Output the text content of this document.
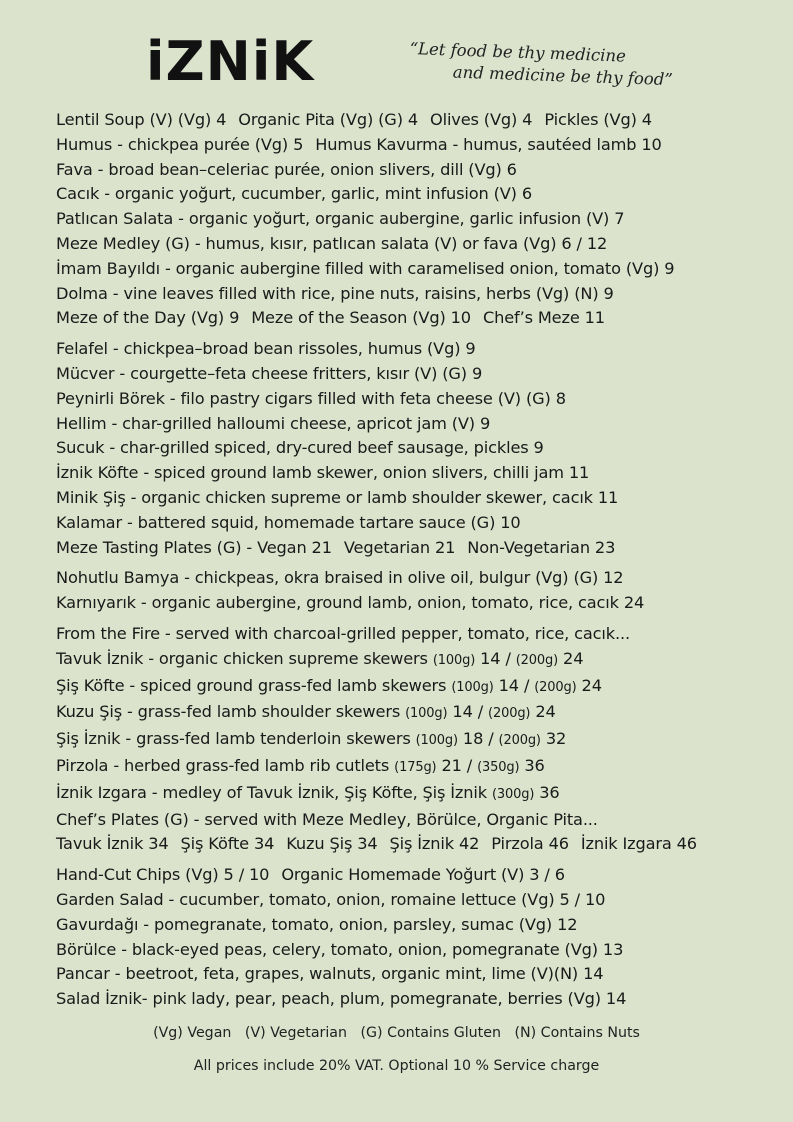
iZNiK	“Let food be thy medicine
and medicine be thy food”
Lentil Soup (V) (Vg) 4 Organic Pita (Vg) (G) 4 Olives (Vg) 4 Pickles (Vg) 4
Humus - chickpea purée (Vg) 5 Humus Kavurma - humus, sautéed lamb 10
Fava - broad bean–celeriac purée, onion slivers, dill (Vg) 6
Cacık - organic yoğurt, cucumber, garlic, mint infusion (V) 6
Patlıcan Salata - organic yoğurt, organic aubergine, garlic infusion (V) 7
Meze Medley (G) - humus, kısır, patlıcan salata (V) or fava (Vg) 6 / 12
İmam Bayıldı - organic aubergine filled with caramelised onion, tomato (Vg) 9
Dolma - vine leaves filled with rice, pine nuts, raisins, herbs (Vg) (N) 9
Meze of the Day (Vg) 9 Meze of the Season (Vg) 10 Chef’s Meze 11
Felafel - chickpea–broad bean rissoles, humus (Vg) 9
Mücver - courgette–feta cheese fritters, kısır (V) (G) 9
Peynirli Börek - filo pastry cigars filled with feta cheese (V) (G) 8
Hellim - char-grilled halloumi cheese, apricot jam (V) 9
Sucuk - char-grilled spiced, dry-cured beef sausage, pickles 9
İznik Köfte - spiced ground lamb skewer, onion slivers, chilli jam 11
Minik Şiş - organic chicken supreme or lamb shoulder skewer, cacık 11
Kalamar - battered squid, homemade tartare sauce (G) 10
Meze Tasting Plates (G) - Vegan 21 Vegetarian 21 Non-Vegetarian 23
Nohutlu Bamya - chickpeas, okra braised in olive oil, bulgur (Vg) (G) 12
Karnıyarık - organic aubergine, ground lamb, onion, tomato, rice, cacık 24
From the Fire - served with charcoal-grilled pepper, tomato, rice, cacık...
Tavuk İznik - organic chicken supreme skewers (100g) 14 / (200g) 24
Şiş Köfte - spiced ground grass-fed lamb skewers (100g) 14 / (200g) 24
Kuzu Şiş - grass-fed lamb shoulder skewers (100g) 14 / (200g) 24
Şiş İznik - grass-fed lamb tenderloin skewers (100g) 18 / (200g) 32
Pirzola - herbed grass-fed lamb rib cutlets (175g) 21 / (350g) 36
İznik Izgara - medley of Tavuk İznik, Şiş Köfte, Şiş İznik (300g) 36
Chef’s Plates (G) - served with Meze Medley, Börülce, Organic Pita...
Tavuk İznik 34 Şiş Köfte 34 Kuzu Şiş 34 Şiş İznik 42 Pirzola 46 İznik Izgara 46
Hand-Cut Chips (Vg) 5 / 10 Organic Homemade Yoğurt (V) 3 / 6
Garden Salad - cucumber, tomato, onion, romaine lettuce (Vg) 5 / 10
Gavurdağı - pomegranate, tomato, onion, parsley, sumac (Vg) 12
Börülce - black-eyed peas, celery, tomato, onion, pomegranate (Vg) 13
Pancar - beetroot, feta, grapes, walnuts, organic mint, lime (V)(N) 14
Salad İznik- pink lady, pear, peach, plum, pomegranate, berries (Vg) 14
(Vg) Vegan   (V) Vegetarian   (G) Contains Gluten   (N) Contains Nuts
All prices include 20% VAT. Optional 10 % Service charge
